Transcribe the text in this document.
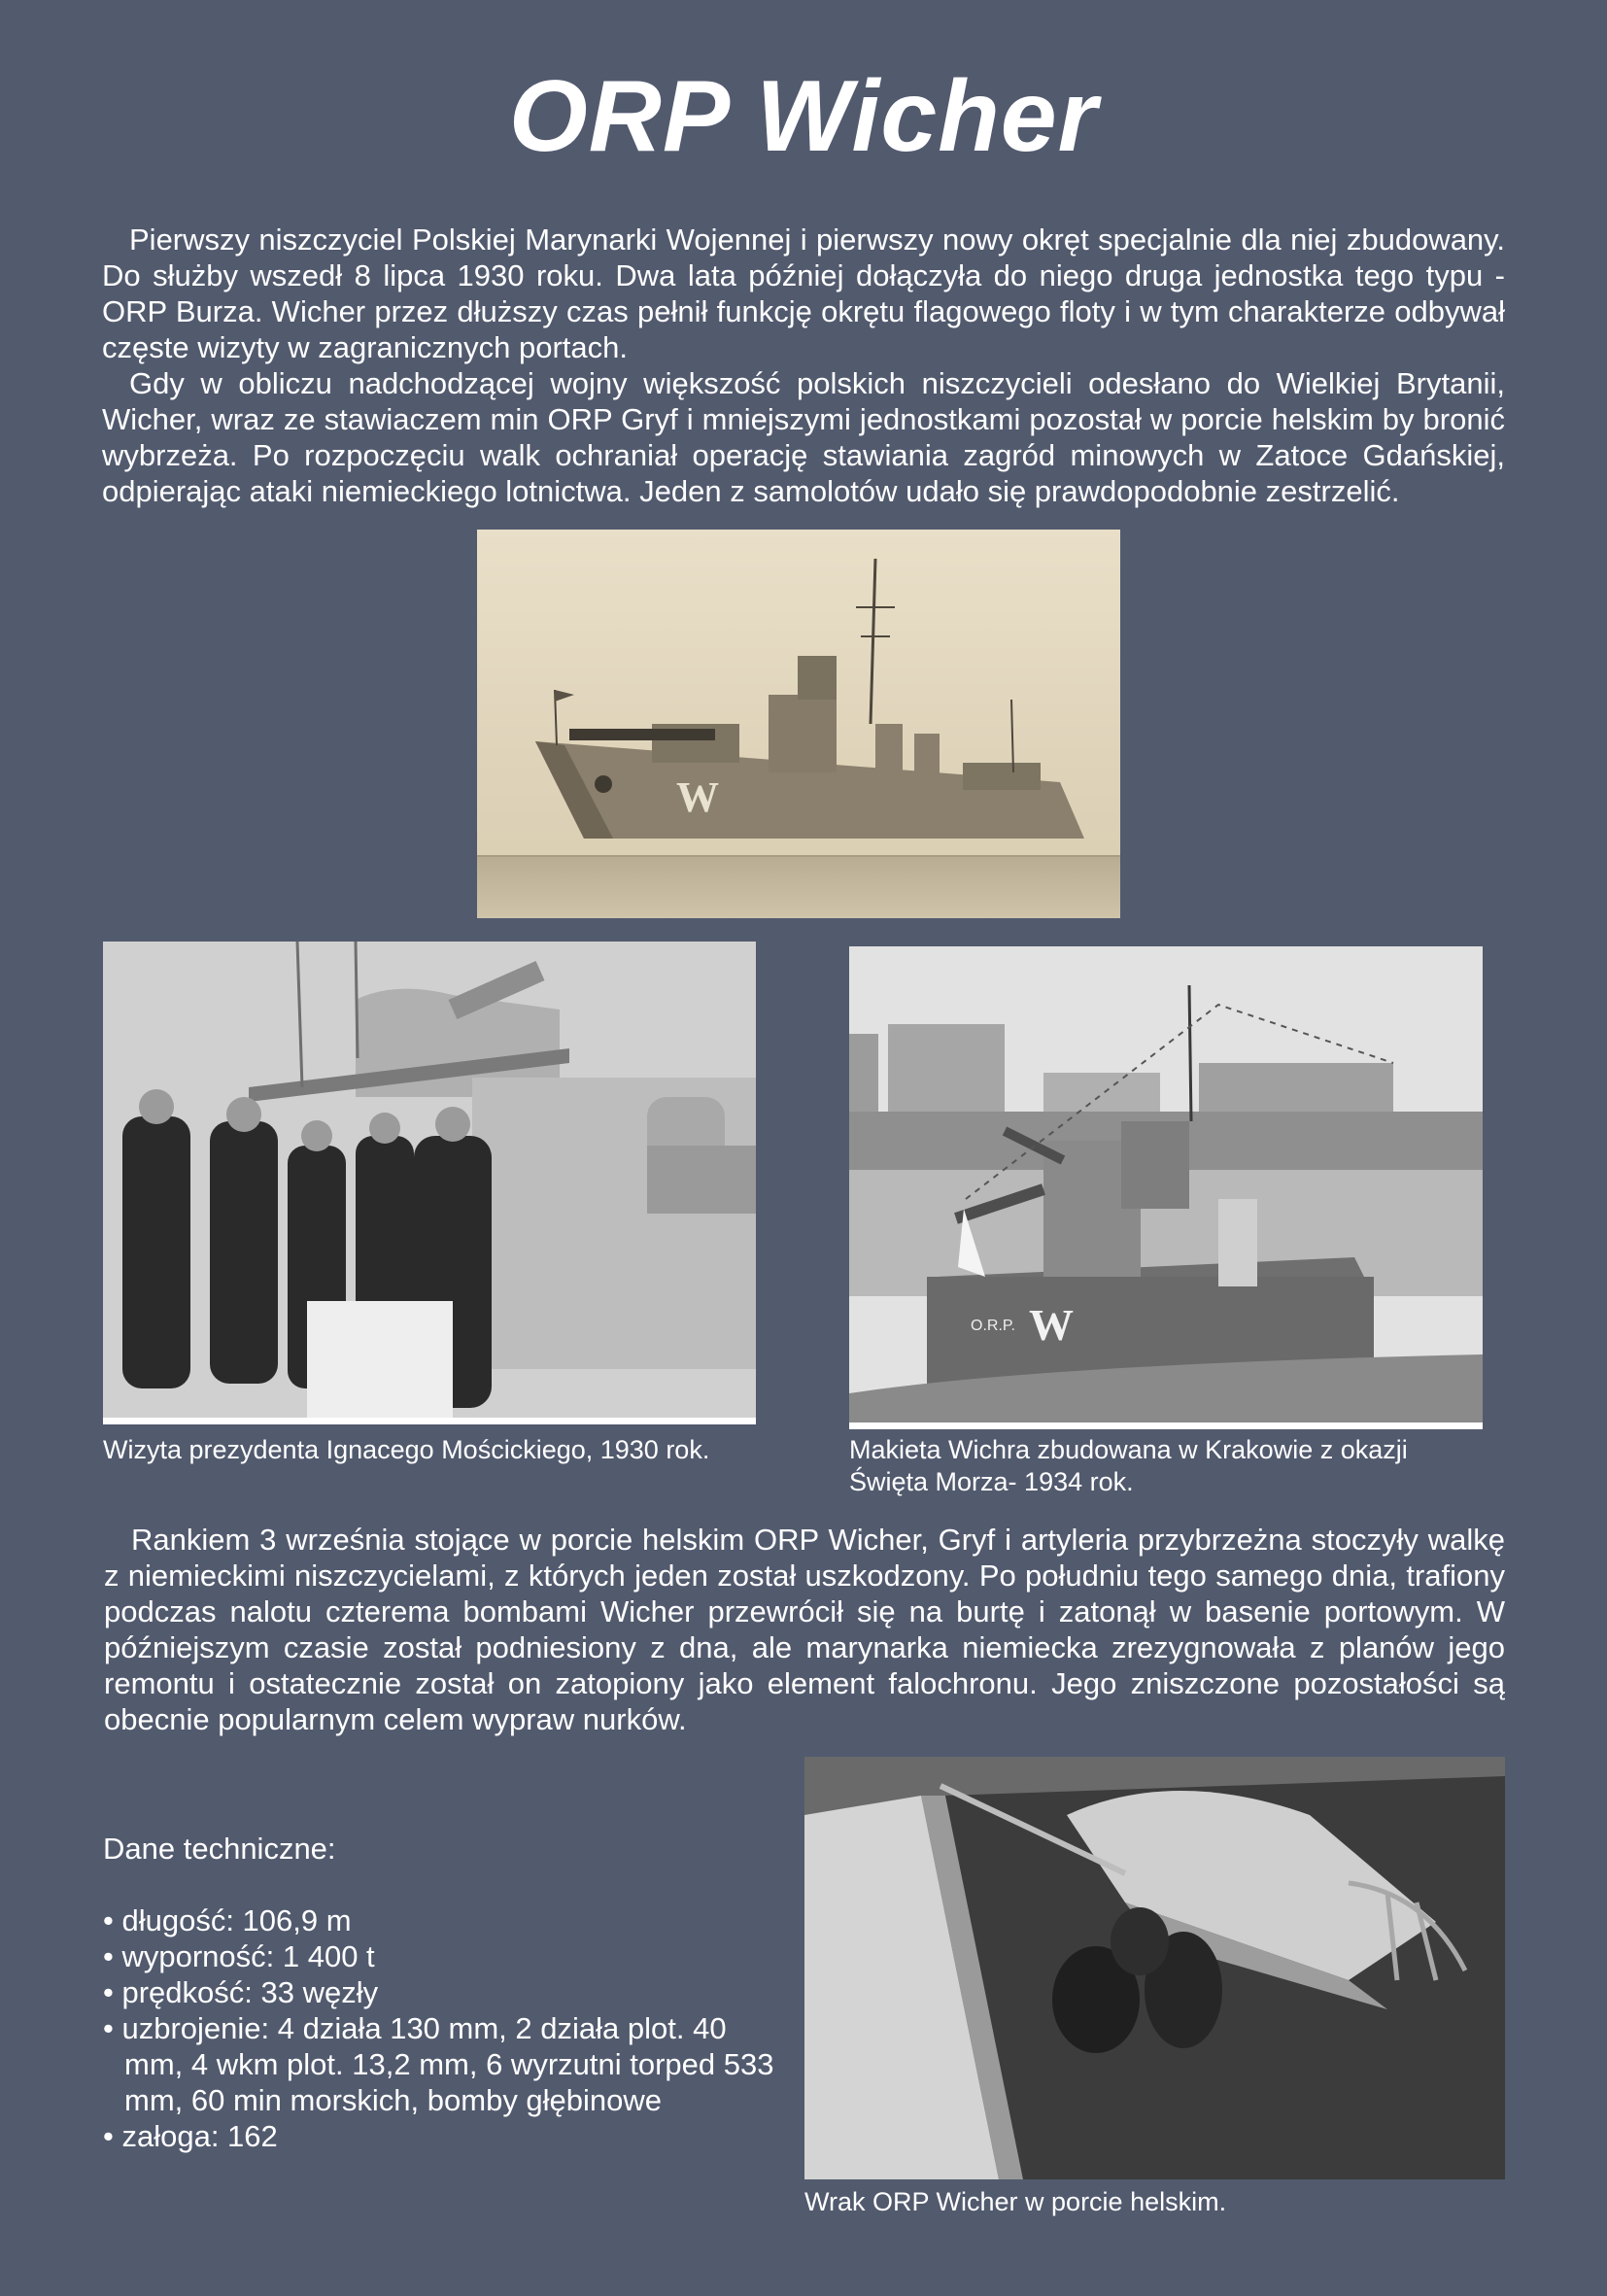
ORP Wicher

Pierwszy niszczyciel Polskiej Marynarki Wojennej i pierwszy nowy okręt specjalnie dla niej zbudowany. Do służby wszedł 8 lipca 1930 roku. Dwa lata później dołączyła do niego druga jednostka tego typu - ORP Burza. Wicher przez dłuższy czas pełnił funkcję okrętu flagowego floty i w tym charakterze odbywał częste wizyty w zagranicznych portach.

Gdy w obliczu nadchodzącej wojny większość polskich niszczycieli odesłano do Wielkiej Brytanii, Wicher, wraz ze stawiaczem min ORP Gryf i mniejszymi jednostkami pozostał w porcie helskim by bronić wybrzeża. Po rozpoczęciu walk ochraniał operację stawiania zagród minowych w Zatoce Gdańskiej, odpierając ataki niemieckiego lotnictwa. Jeden z samolotów udało się prawdopodobnie zestrzelić.

W
O.R.P. W
Wizyta prezydenta Ignacego Mościckiego, 1930 rok.	Makieta Wichra zbudowana w Krakowie z okazji Święta Morza- 1934 rok.

Rankiem 3 września stojące w porcie helskim ORP Wicher, Gryf i artyleria przybrzeżna stoczyły walkę z niemieckimi niszczycielami, z których jeden został uszkodzony. Po południu tego samego dnia, trafiony podczas nalotu czterema bombami Wicher przewrócił się na burtę i zatonął w basenie portowym. W późniejszym czasie został podniesiony z dna, ale marynarka niemiecka zrezygnowała z planów jego remontu i ostatecznie został on zatopiony jako element falochronu. Jego zniszczone pozostałości są obecnie popularnym celem wypraw nurków.

Dane techniczne:
• długość: 106,9 m
• wyporność: 1 400 t
• prędkość: 33 węzły
• uzbrojenie: 4 działa 130 mm, 2 działa plot. 40 mm, 4 wkm plot. 13,2 mm, 6 wyrzutni torped 533 mm, 60 min morskich, bomby głębinowe
• załoga: 162
Wrak ORP Wicher w porcie helskim.
